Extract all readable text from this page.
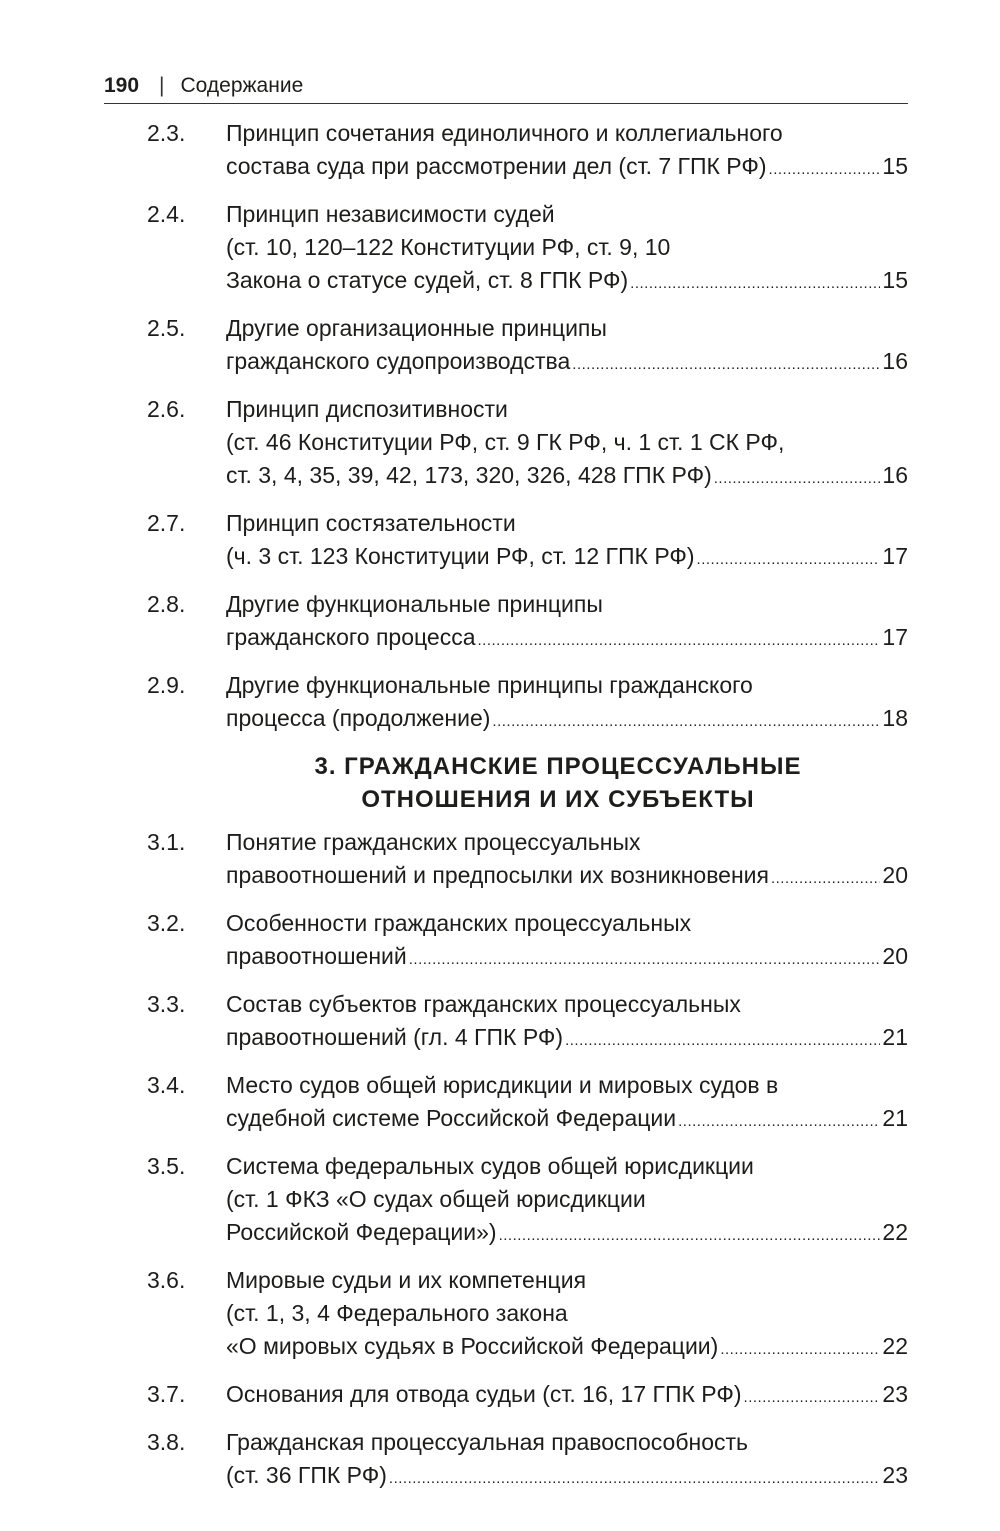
190 | Содержание
2.3.	Принцип сочетания единоличного и коллегиального
состава суда при рассмотрении дел (ст. 7 ГПК РФ) .....	15
2.4.	Принцип независимости судей
(ст. 10, 120–122 Конституции РФ, ст. 9, 10
Закона о статусе судей, ст. 8 ГПК РФ) .....	15
2.5.	Другие организационные принципы
гражданского судопроизводства .....	16
2.6.	Принцип диспозитивности
(ст. 46 Конституции РФ, ст. 9 ГК РФ, ч. 1 ст. 1 СК РФ,
ст. 3, 4, 35, 39, 42, 173, 320, 326, 428 ГПК РФ) .....	16
2.7.	Принцип состязательности
(ч. 3 ст. 123 Конституции РФ, ст. 12 ГПК РФ) .....	17
2.8.	Другие функциональные принципы
гражданского процесса .....	17
2.9.	Другие функциональные принципы гражданского
процесса (продолжение) .....	18
3. ГРАЖДАНСКИЕ ПРОЦЕССУАЛЬНЫЕ
ОТНОШЕНИЯ И ИХ СУБЪЕКТЫ
3.1.	Понятие гражданских процессуальных
правоотношений и предпосылки их возникновения .....	20
3.2.	Особенности гражданских процессуальных
правоотношений .....	20
3.3.	Состав субъектов гражданских процессуальных
правоотношений (гл. 4 ГПК РФ) .....	21
3.4.	Место судов общей юрисдикции и мировых судов в
судебной системе Российской Федерации .....	21
3.5.	Система федеральных судов общей юрисдикции
(ст. 1 ФКЗ «О судах общей юрисдикции
Российской Федерации») .....	22
3.6.	Мировые судьи и их компетенция
(ст. 1, 3, 4 Федерального закона
«О мировых судьях в Российской Федерации) .....	22
3.7.	Основания для отвода судьи (ст. 16, 17 ГПК РФ) .....	23
3.8.	Гражданская процессуальная правоспособность
(ст. 36 ГПК РФ) .....	23
